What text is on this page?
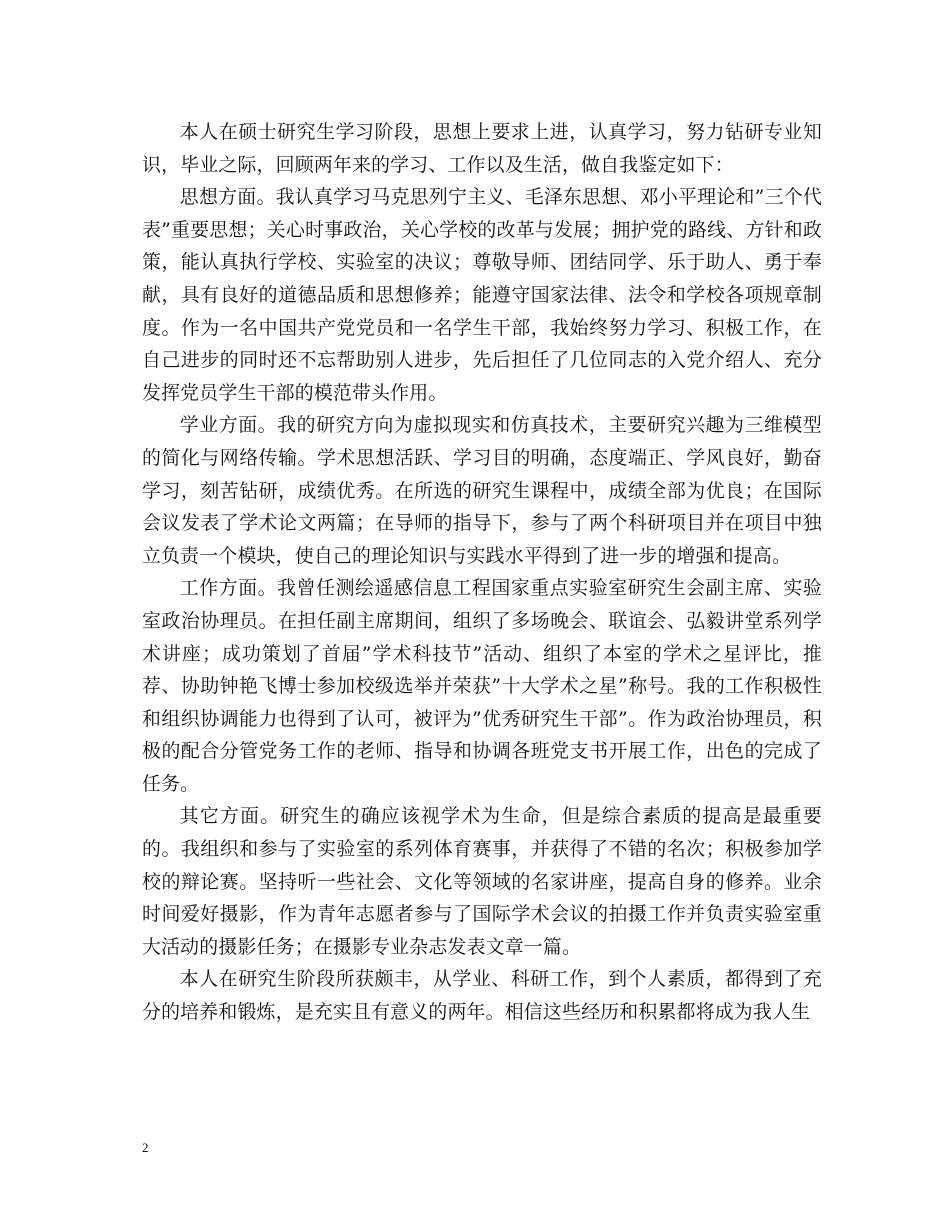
本人在硕士研究生学习阶段，思想上要求上进，认真学习，努力钻研专业知识，毕业之际，回顾两年来的学习、工作以及生活，做自我鉴定如下：

思想方面。我认真学习马克思列宁主义、毛泽东思想、邓小平理论和”三个代表”重要思想；关心时事政治，关心学校的改革与发展；拥护党的路线、方针和政策，能认真执行学校、实验室的决议；尊敬导师、团结同学、乐于助人、勇于奉献，具有良好的道德品质和思想修养；能遵守国家法律、法令和学校各项规章制度。作为一名中国共产党党员和一名学生干部，我始终努力学习、积极工作，在自己进步的同时还不忘帮助别人进步，先后担任了几位同志的入党介绍人、充分发挥党员学生干部的模范带头作用。

学业方面。我的研究方向为虚拟现实和仿真技术，主要研究兴趣为三维模型的简化与网络传输。学术思想活跃、学习目的明确，态度端正、学风良好，勤奋学习，刻苦钻研，成绩优秀。在所选的研究生课程中，成绩全部为优良；在国际会议发表了学术论文两篇；在导师的指导下，参与了两个科研项目并在项目中独立负责一个模块，使自己的理论知识与实践水平得到了进一步的增强和提高。

工作方面。我曾任测绘遥感信息工程国家重点实验室研究生会副主席、实验室政治协理员。在担任副主席期间，组织了多场晚会、联谊会、弘毅讲堂系列学术讲座；成功策划了首届”学术科技节”活动、组织了本室的学术之星评比，推荐、协助钟艳飞博士参加校级选举并荣获”十大学术之星”称号。我的工作积极性和组织协调能力也得到了认可，被评为”优秀研究生干部”。作为政治协理员，积极的配合分管党务工作的老师、指导和协调各班党支书开展工作，出色的完成了任务。

其它方面。研究生的确应该视学术为生命，但是综合素质的提高是最重要的。我组织和参与了实验室的系列体育赛事，并获得了不错的名次；积极参加学校的辩论赛。坚持听一些社会、文化等领域的名家讲座，提高自身的修养。业余时间爱好摄影，作为青年志愿者参与了国际学术会议的拍摄工作并负责实验室重大活动的摄影任务；在摄影专业杂志发表文章一篇。

本人在研究生阶段所获颇丰，从学业、科研工作，到个人素质，都得到了充分的培养和锻炼，是充实且有意义的两年。相信这些经历和积累都将成为我人生

2
